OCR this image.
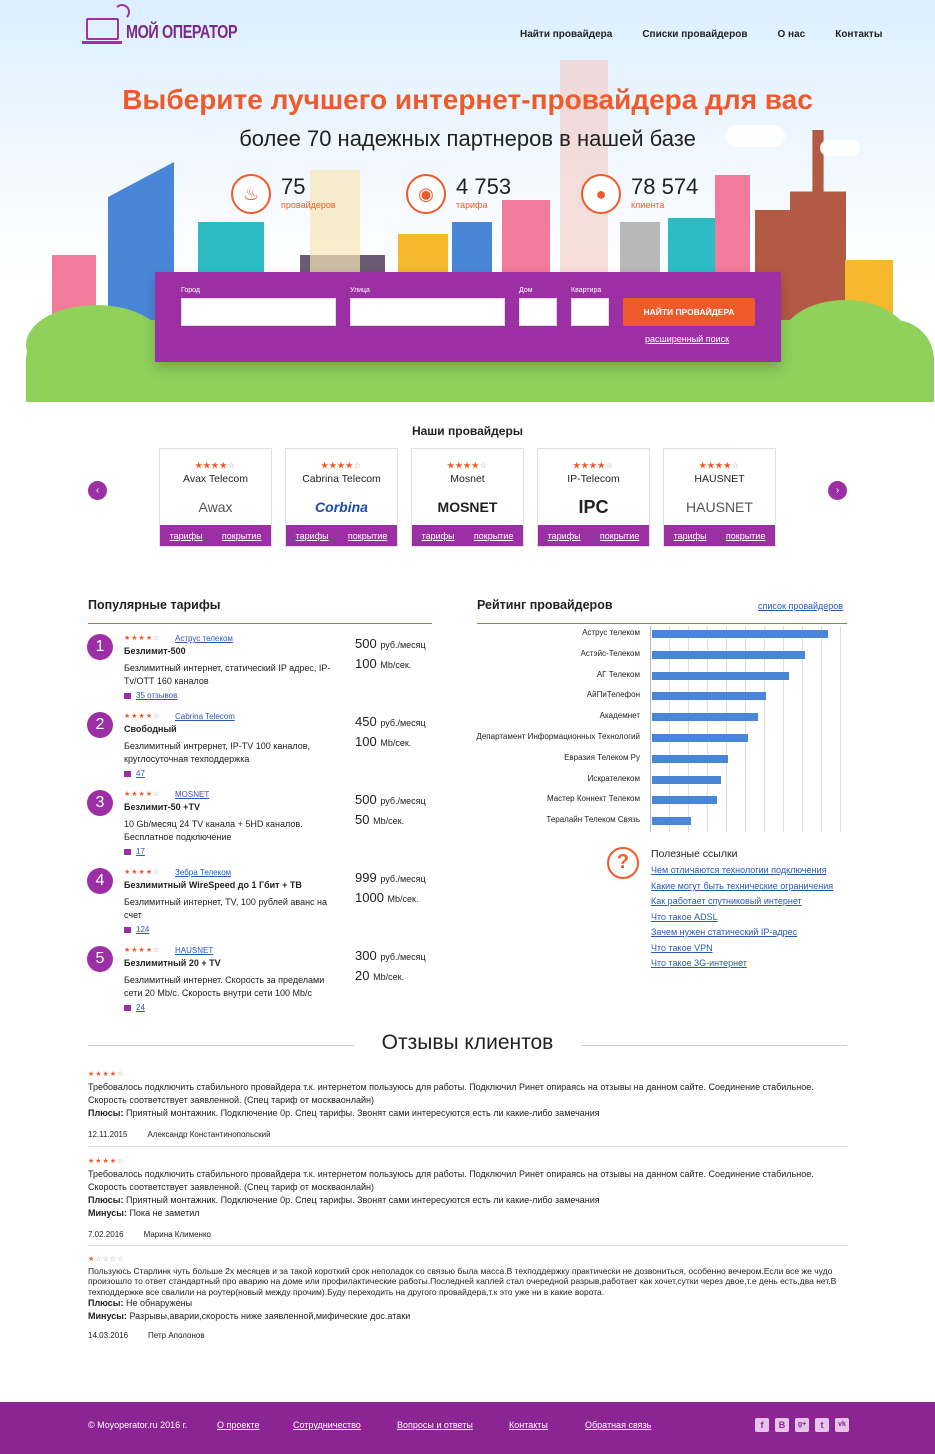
МОЙ ОПЕРАТОР	Найти провайдера	Списки провайдеров	О нас	Контакты
Выберите лучшего интернет-провайдера для вас
более 70 надежных партнеров в нашей базе
♨ 75
провайдеров
◉	4 753
тарифа
●	78 574
клиента
Город	Улица	Дом	Квартира
НАЙТИ ПРОВАЙДЕРА
расширенный поиск
Наши провайдеры
‹	›
★★★★☆
Avax Telecom
Awax
тарифы покрытие
★★★★☆
Cabrina Telecom
Corbina
тарифы покрытие
★★★★☆
Mosnet
MOSNET
тарифы покрытие
★★★★☆
IP-Telecom
IPC
тарифы покрытие
★★★★☆
HAUSNET
HAUSNET
тарифы покрытие
Популярные тарифы
1	★★★★☆ Аструс телеком
Безлимит-500
Безлимитный интернет, статический IP адрес, IP-Tv/OTT 160 каналов
35 отзывов
500 руб./месяц
100 Mb/сек.
2	★★★★☆ Cabrina Telecom
Свободный
Безлимитный интрернет, IP-TV 100 каналов, круглосуточная техподдержка
47
450 руб./месяц
100 Mb/сек.
3	★★★★☆ MOSNET
Безлимит-50 +TV
10 Gb/месяц 24 TV канала + 5HD каналов. Бесплатное подключение
17
500 руб./месяц
50 Mb/сек.
4	★★★★☆ Зебра Телеком
Безлимитный WireSpeed до 1 Гбит + ТВ
Безлимитный интернет, TV, 100 рублей аванс на счет
124
999 руб./месяц
1000 Mb/сек.
5	★★★★☆ HAUSNET
Безлимитный 20 + TV
Безлимитный интернет. Скорость за пределами сети 20 Mb/c. Скорость внутри сети 100 Mb/c
24
300 руб./месяц
20 Mb/сек.
Рейтинг провайдеров	список провайдеров
Аструс телеком
Астэйс-Телеком
АГ Телеком
АйПиТелефон
Академнет
Департамент Информационных Технологий
Евразия Телеком Ру
Искрателеком
Мастер Коннект Телеком
Тералайн Телеком Связь
?	Полезные ссылки
Чем отличаются технологии подключения
Какие могут быть технические ограничения
Как работает спутниковый интернет
Что такое ADSL
Зачем нужен статический IP-адрес
Что такое VPN
Что такое 3G-интернет
Отзывы клиентов
★★★★☆
Требовалось подключить стабильного провайдера т.к. интернетом пользуюсь для работы. Подключил Ринет опираясь на отзывы на данном сайте. Соединение стабильное. Скорость соответствует заявленной. (Спец тариф от москваонлайн)
Плюсы: Приятный монтажник. Подключение 0р. Спец тарифы. Звонят сами интересуются есть ли какие-либо замечания
12.11.2015	Александр Константинопольский
★★★★☆
Требовалось подключить стабильного провайдера т.к. интернетом пользуюсь для работы. Подключил Ринет опираясь на отзывы на данном сайте. Соединение стабильное. Скорость соответствует заявленной. (Спец тариф от москваонлайн)
Плюсы: Приятный монтажник. Подключение 0р. Спец тарифы. Звонят сами интересуются есть ли какие-либо замечания
Минусы: Пока не заметил
7.02.2016	Марина Клименко
★☆☆☆☆
Пользуюсь Старлинк чуть больше 2х месяцев и за такой короткий срок неполадок со связью была масса.В техподдержку практически не дозвониться, особенно вечером.Если все же чудо произошло то ответ стандартный про аварию на доме или профилактические работы.Последней каплей стал очередной разрыв,работает как хочет,сутки через двое,т.е день есть,два нет.В техподдержке все свалили на роутер(новый между прочим).Буду переходить на другого провайдера,т.к это уже ни в какие ворота.
Плюсы: Не обнаружены
Минусы: Разрывы,аварии,скорость ниже заявленной,мифические дос.атаки
14.03.2016	Петр Аполонов
© Moyoperator.ru 2016 г.	О проекте	Сотрудничество	Вопросы и ответы	Контакты	Обратная связь	f	В	g+	t	vk
